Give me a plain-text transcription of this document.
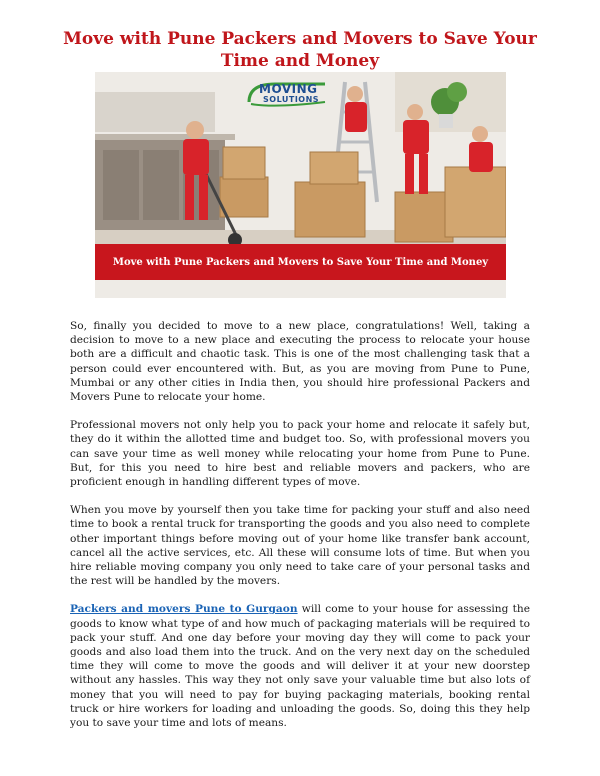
Move with Pune Packers and Movers to Save Your Time and Money
MOVING
SOLUTIONS
Move with Pune Packers and Movers to Save Your Time and Money

So, finally you decided to move to a new place, congratulations! Well, taking a decision to move to a new place and executing the process to relocate your house both are a difficult and chaotic task. This is one of the most challenging task that a person could ever encountered with. But, as you are moving from Pune to Pune, Mumbai or any other cities in India then, you should hire professional Packers and Movers Pune to relocate your home.

Professional movers not only help you to pack your home and relocate it safely but, they do it within the allotted time and budget too. So, with professional movers you can save your time as well money while relocating your home from Pune to Pune. But, for this you need to hire best and reliable movers and packers, who are proficient enough in handling different types of move.

When you move by yourself then you take time for packing your stuff and also need time to book a rental truck for transporting the goods and you also need to complete other important things before moving out of your home like transfer bank account, cancel all the active services, etc. All these will consume lots of time. But when you hire reliable moving company you only need to take care of your personal tasks and the rest will be handled by the movers.

Packers and movers Pune to Gurgaon will come to your house for assessing the goods to know what type of and how much of packaging materials will be required to pack your stuff. And one day before your moving day they will come to pack your goods and also load them into the truck. And on the very next day on the scheduled time they will come to move the goods and will deliver it at your new doorstep without any hassles. This way they not only save your valuable time but also lots of money that you will need to pay for buying packaging materials, booking rental truck or hire workers for loading and unloading the goods. So, doing this they help you to save your time and lots of means.
